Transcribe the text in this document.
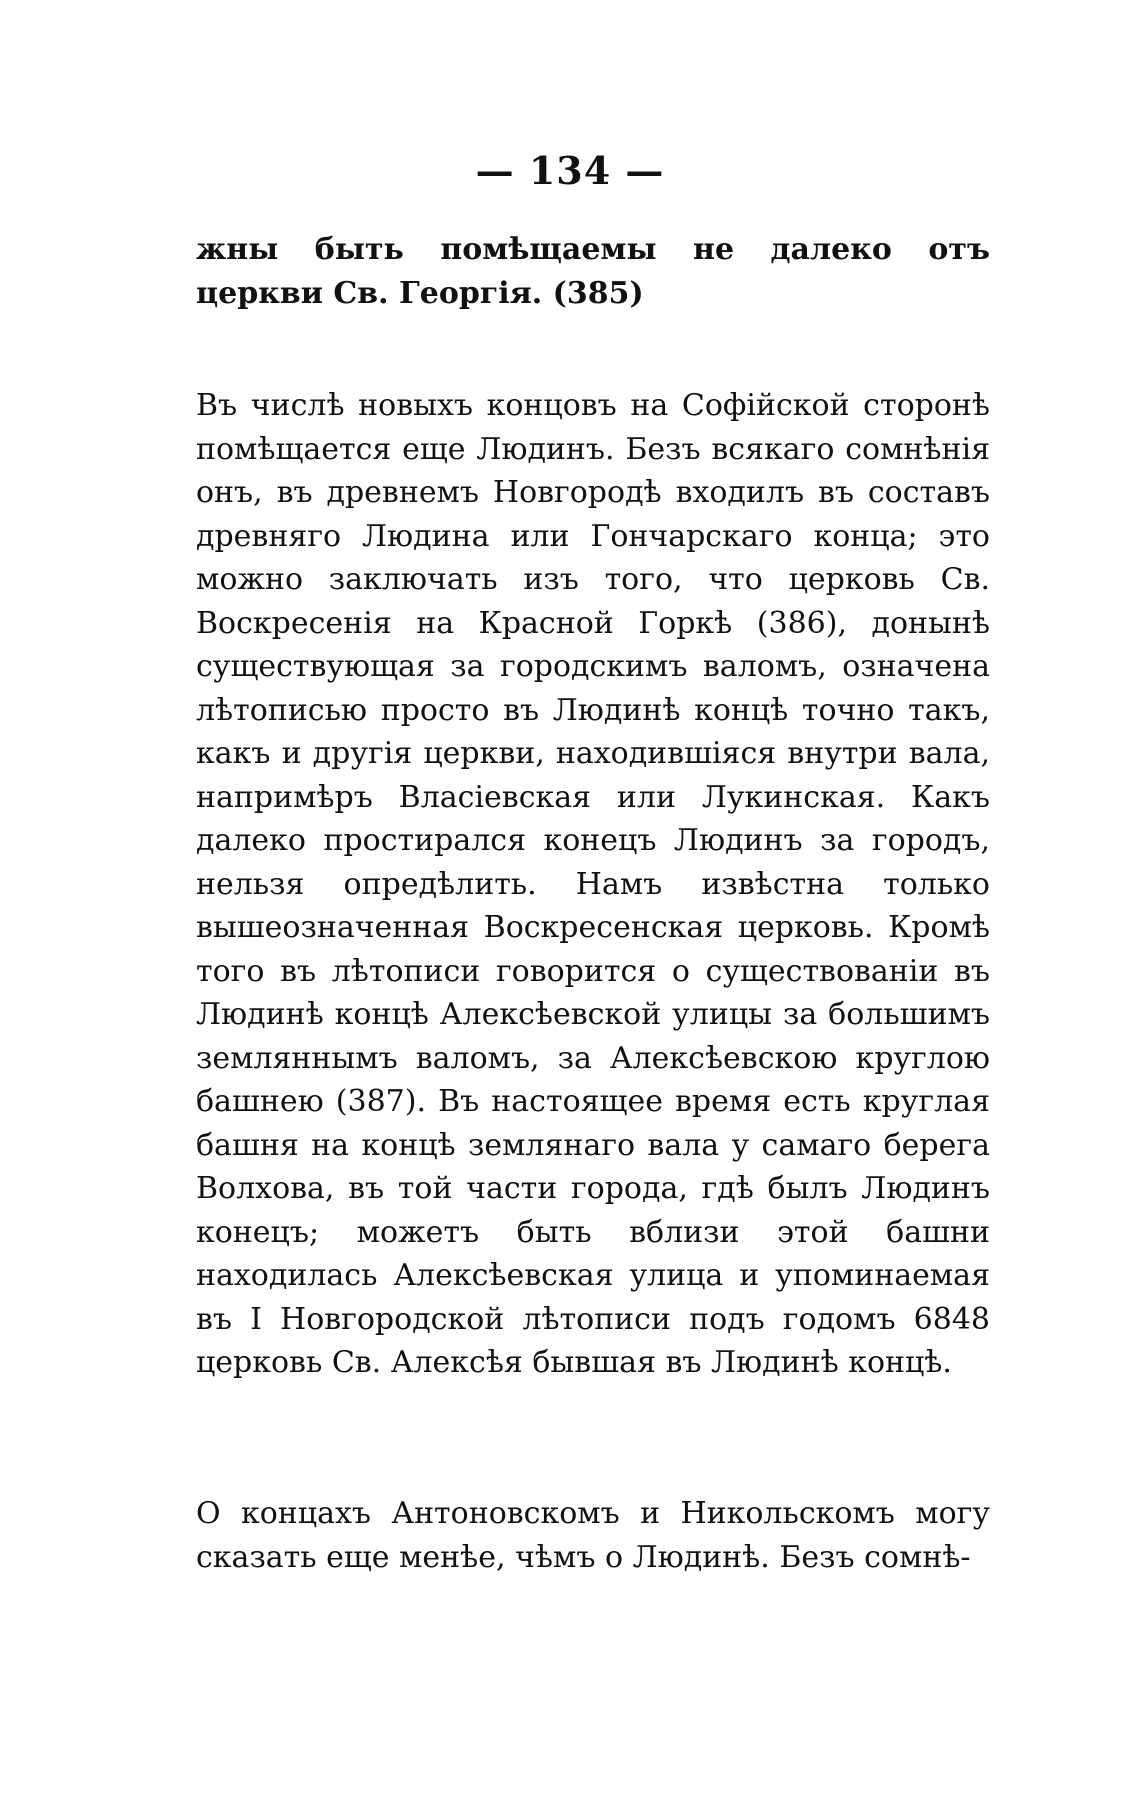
— 134 —
жны быть помѣщаемы не далеко отъ церкви Св. Георгія. (385)
Въ числѣ новыхъ концовъ на Софійской сторонѣ помѣщается еще Людинъ. Безъ всякаго сомнѣнія онъ, въ древнемъ Новгородѣ входилъ въ составъ древняго Людина или Гончарскаго конца; это можно заключать изъ того, что церковь Св. Воскресенія на Красной Горкѣ (386), донынѣ существующая за городскимъ валомъ, означена лѣтописью просто въ Людинѣ концѣ точно такъ, какъ и другія церкви, находившіяся внутри вала, напримѣръ Власіевская или Лукинская. Какъ далеко простирался конецъ Людинъ за городъ, нельзя опредѣлить. Намъ извѣстна только вышеозначенная Воскресенская церковь. Кромѣ того въ лѣтописи говорится о существованіи въ Людинѣ концѣ Алексѣевской улицы за большимъ земляннымъ валомъ, за Алексѣевскою круглою башнею (387). Въ настоящее время есть круглая башня на концѣ землянаго вала у самаго берега Волхова, въ той части города, гдѣ былъ Людинъ конецъ; можетъ быть вблизи этой башни находилась Алексѣевская улица и упоминаемая въ I Новгородской лѣтописи подъ годомъ 6848 церковь Св. Алексѣя бывшая въ Людинѣ концѣ.
О концахъ Антоновскомъ и Никольскомъ могу сказать еще менѣе, чѣмъ о Людинѣ. Безъ сомнѣ-
